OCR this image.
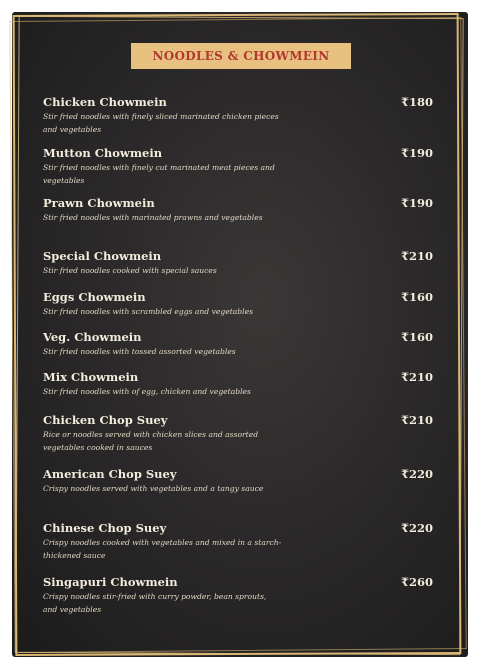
NOODLES & CHOWMEIN
Chicken Chowmein	₹180
Stir fried noodles with finely sliced marinated chicken pieces and vegetables
Mutton Chowmein	₹190
Stir fried noodles with finely cut marinated meat pieces and vegetables
Prawn Chowmein	₹190
Stir fried noodles with marinated prawns and vegetables
Special Chowmein	₹210
Stir fried noodles cooked with special sauces
Eggs Chowmein	₹160
Stir fried noodles with scrambled eggs and vegetables
Veg. Chowmein	₹160
Stir fried noodles with tossed assorted vegetables
Mix Chowmein	₹210
Stir fried noodles with of egg, chicken and vegetables
Chicken Chop Suey	₹210
Rice or noodles served with chicken slices and assorted vegetables cooked in sauces
American Chop Suey	₹220
Crispy noodles served with vegetables and a tangy sauce
Chinese Chop Suey	₹220
Crispy noodles cooked with vegetables and mixed in a starch-thickened sauce
Singapuri Chowmein	₹260
Crispy noodles stir-fried with curry powder, bean sprouts, and vegetables
